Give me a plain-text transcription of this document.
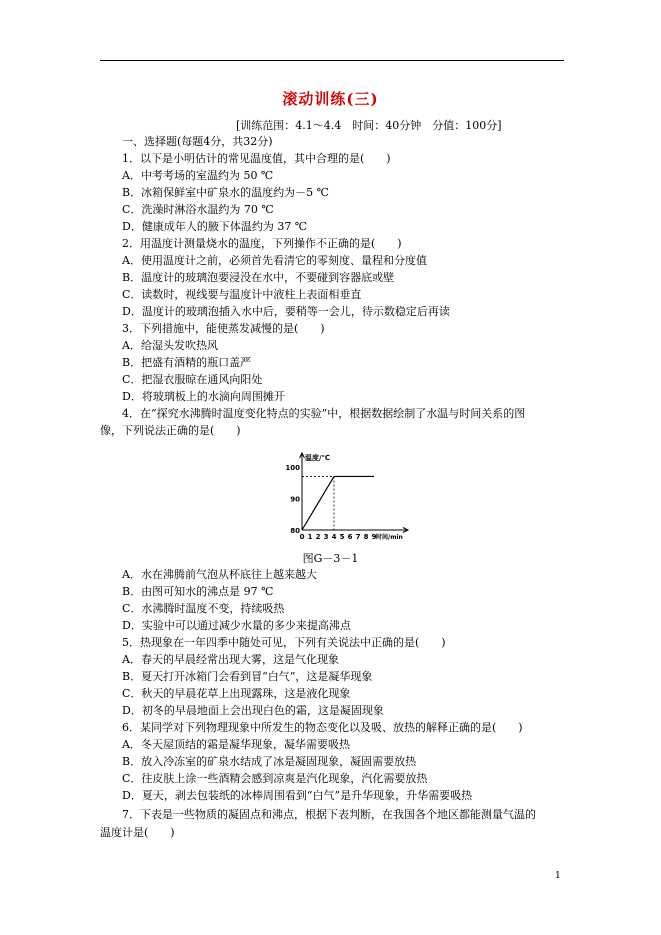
滚动训练(三)
[训练范围：4.1～4.4　时间：40分钟　分值：100分]
一、选择题(每题4分，共32分)
1．以下是小明估计的常见温度值，其中合理的是(　　)
A．中考考场的室温约为 50 ℃
B．冰箱保鲜室中矿泉水的温度约为－5 ℃
C．洗澡时淋浴水温约为 70 ℃
D．健康成年人的腋下体温约为 37 ℃
2．用温度计测量烧水的温度，下列操作不正确的是(　　)
A．使用温度计之前，必须首先看清它的零刻度、量程和分度值
B．温度计的玻璃泡要浸没在水中，不要碰到容器底或壁
C．读数时，视线要与温度计中液柱上表面相垂直
D．温度计的玻璃泡插入水中后，要稍等一会儿，待示数稳定后再读
3．下列措施中，能使蒸发减慢的是(　　)
A．给湿头发吹热风
B．把盛有酒精的瓶口盖严
C．把湿衣服晾在通风向阳处
D．将玻璃板上的水滴向周围摊开
4．在“探究水沸腾时温度变化特点的实验”中，根据数据绘制了水温与时间关系的图
像，下列说法正确的是(　　)
80
90
100
0 1 2 3 4 5 6 7 8 9
温度/℃
时间/min
图G－3－1
A．水在沸腾前气泡从杯底往上越来越大
B．由图可知水的沸点是 97 ℃
C．水沸腾时温度不变，持续吸热
D．实验中可以通过减少水量的多少来提高沸点
5．热现象在一年四季中随处可见，下列有关说法中正确的是(　　)
A．春天的早晨经常出现大雾，这是气化现象
B．夏天打开冰箱门会看到冒“白气”，这是凝华现象
C．秋天的早晨花草上出现露珠，这是液化现象
D．初冬的早晨地面上会出现白色的霜，这是凝固现象
6．某同学对下列物理现象中所发生的物态变化以及吸、放热的解释正确的是(　　)
A．冬天屋顶结的霜是凝华现象，凝华需要吸热
B．放入冷冻室的矿泉水结成了冰是凝固现象，凝固需要放热
C．往皮肤上涂一些酒精会感到凉爽是汽化现象，汽化需要放热
D．夏天，剥去包装纸的冰棒周围看到“白气”是升华现象，升华需要吸热
7．下表是一些物质的凝固点和沸点，根据下表判断，在我国各个地区都能测量气温的
温度计是(　　)
1
